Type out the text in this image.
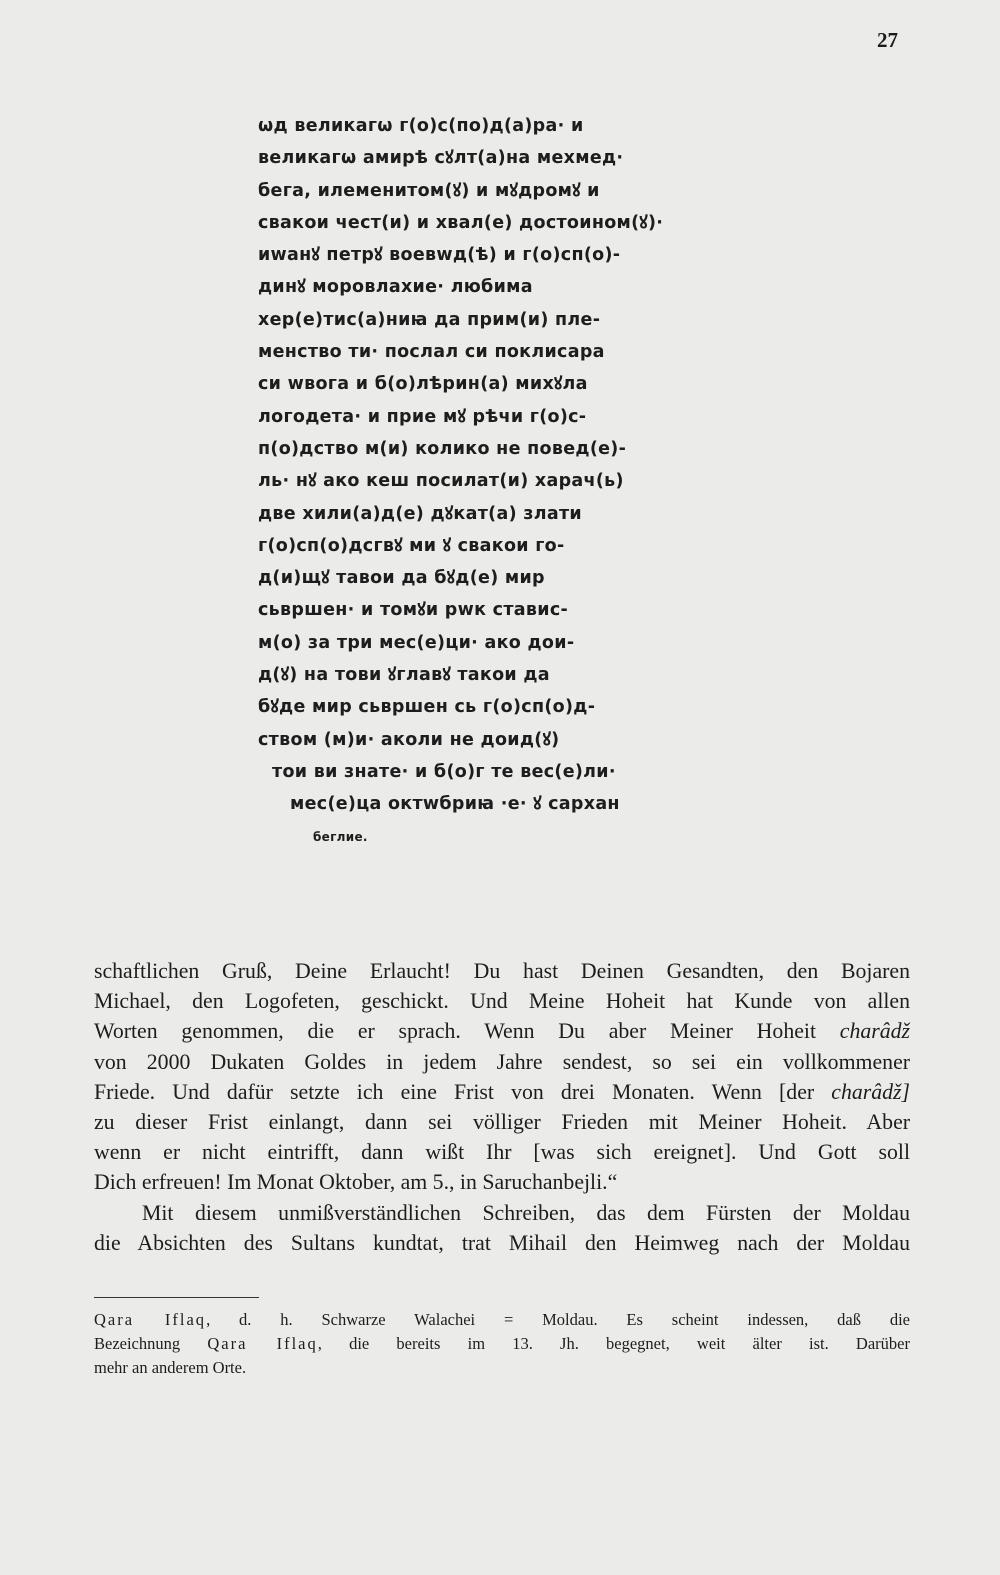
27
ѡд великагѡ г(о)с(по)д(а)ра· и
великагѡ амирѣ сꙋлт(а)на мехмед·
бега, илеменитом(ꙋ) и мꙋдромꙋ и
свакои чест(и) и хвал(е) достоином(ꙋ)·
иwанꙋ петрꙋ воевwд(ѣ) и г(о)сп(о)-
динꙋ моровлахие· любима
хер(е)тис(а)ниꙗ да прим(и) пле-
менство ти· послал си поклисара
си wвога и б(о)лѣрин(а) михꙋла
логодета· и прие мꙋ рѣчи г(о)с-
п(о)дство м(и) колико не повед(е)-
ль· нꙋ ако кеш посилат(и) харач(ь)
две хили(а)д(е) дꙋкат(а) злати
г(о)сп(о)дсгвꙋ ми ꙋ свакои го-
д(и)щꙋ тавои да бꙋд(е) мир
сьвршен· и томꙋи рwк ставис-
м(о) за три мес(е)ци· ако дои-
д(ꙋ) на тови ꙋглавꙋ такои да
бꙋде мир сьвршен сь г(о)сп(о)д-
ством (м)и· аколи не доид(ꙋ)
тои ви знате· и б(о)г те вес(е)ли·
мес(е)ца октwбриꙗ ·е· ꙋ сархан
беглие.

schaftlichen Gruß, Deine Erlaucht! Du hast Deinen Gesandten, den Bojaren
Michael, den Logofeten, geschickt. Und Meine Hoheit hat Kunde von allen
Worten genommen, die er sprach. Wenn Du aber Meiner Hoheit charâdž
von 2000 Dukaten Goldes in jedem Jahre sendest, so sei ein vollkommener
Friede. Und dafür setzte ich eine Frist von drei Monaten. Wenn [der charâdž]
zu dieser Frist einlangt, dann sei völliger Frieden mit Meiner Hoheit. Aber
wenn er nicht eintrifft, dann wißt Ihr [was sich ereignet]. Und Gott soll
Dich erfreuen! Im Monat Oktober, am 5., in Saruchanbejli.“

Mit diesem unmißverständlichen Schreiben, das dem Fürsten der Moldau
die Absichten des Sultans kundtat, trat Mihail den Heimweg nach der Moldau

Qara Iflaq, d. h. Schwarze Walachei = Moldau. Es scheint indessen, daß die
Bezeichnung Qara Iflaq, die bereits im 13. Jh. begegnet, weit älter ist. Darüber
mehr an anderem Orte.
